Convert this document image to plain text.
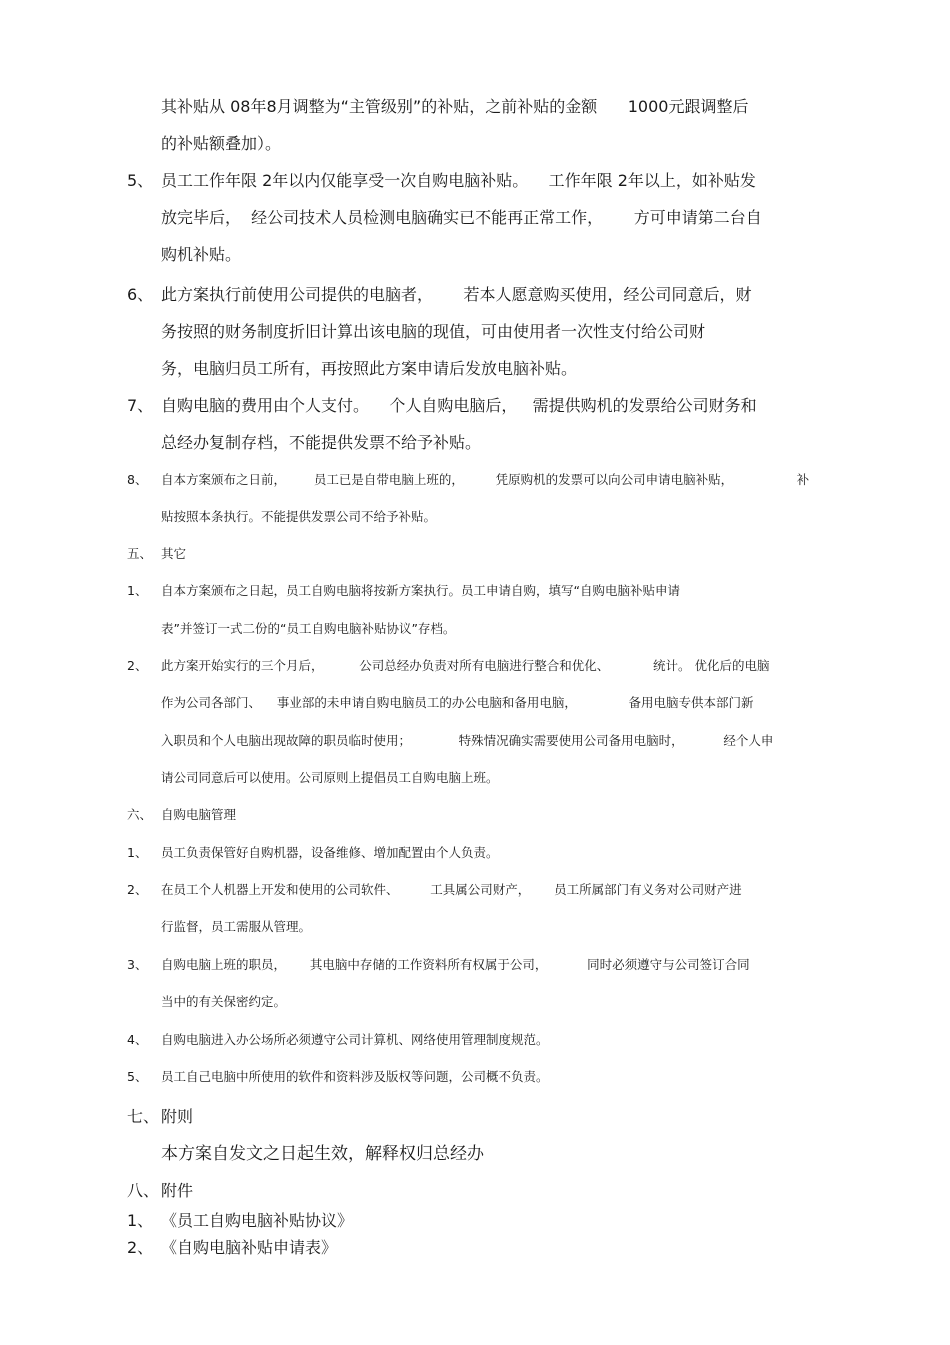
其补贴从 08年8月调整为“主管级别”的补贴，之前补贴的金额      1000元跟调整后
的补贴额叠加）。
5、 员工工作年限 2年以内仅能享受一次自购电脑补贴。    工作年限 2年以上，如补贴发
放完毕后，  经公司技术人员检测电脑确实已不能再正常工作，      方可申请第二台自
购机补贴。
6、 此方案执行前使用公司提供的电脑者，      若本人愿意购买使用，经公司同意后，财
务按照的财务制度折旧计算出该电脑的现值，可由使用者一次性支付给公司财
务，电脑归员工所有，再按照此方案申请后发放电脑补贴。
7、 自购电脑的费用由个人支付。    个人自购电脑后，   需提供购机的发票给公司财务和
总经办复制存档，不能提供发票不给予补贴。
8、 自本方案颁布之日前，       员工已是自带电脑上班的，        凭原购机的发票可以向公司申请电脑补贴，                补
贴按照本条执行。不能提供发票公司不给予补贴。
五、 其它
1、 自本方案颁布之日起，员工自购电脑将按新方案执行。员工申请自购，填写“自购电脑补贴申请
表”并签订一式二份的“员工自购电脑补贴协议”存档。
2、 此方案开始实行的三个月后，         公司总经办负责对所有电脑进行整合和优化、           统计。 优化后的电脑
作为公司各部门、    事业部的未申请自购电脑员工的办公电脑和备用电脑，             备用电脑专供本部门新
入职员和个人电脑出现故障的职员临时使用；            特殊情况确实需要使用公司备用电脑时，          经个人申
请公司同意后可以使用。公司原则上提倡员工自购电脑上班。
六、 自购电脑管理
1、 员工负责保管好自购机器，设备维修、增加配置由个人负责。
2、 在员工个人机器上开发和使用的公司软件、        工具属公司财产，      员工所属部门有义务对公司财产进
行监督，员工需服从管理。
3、 自购电脑上班的职员，      其电脑中存储的工作资料所有权属于公司，          同时必须遵守与公司签订合同
当中的有关保密约定。
4、 自购电脑进入办公场所必须遵守公司计算机、网络使用管理制度规范。
5、 员工自己电脑中所使用的软件和资料涉及版权等问题，公司概不负责。
七、 附则
本方案自发文之日起生效，解释权归总经办
八、 附件
1、 《员工自购电脑补贴协议》
2、 《自购电脑补贴申请表》
